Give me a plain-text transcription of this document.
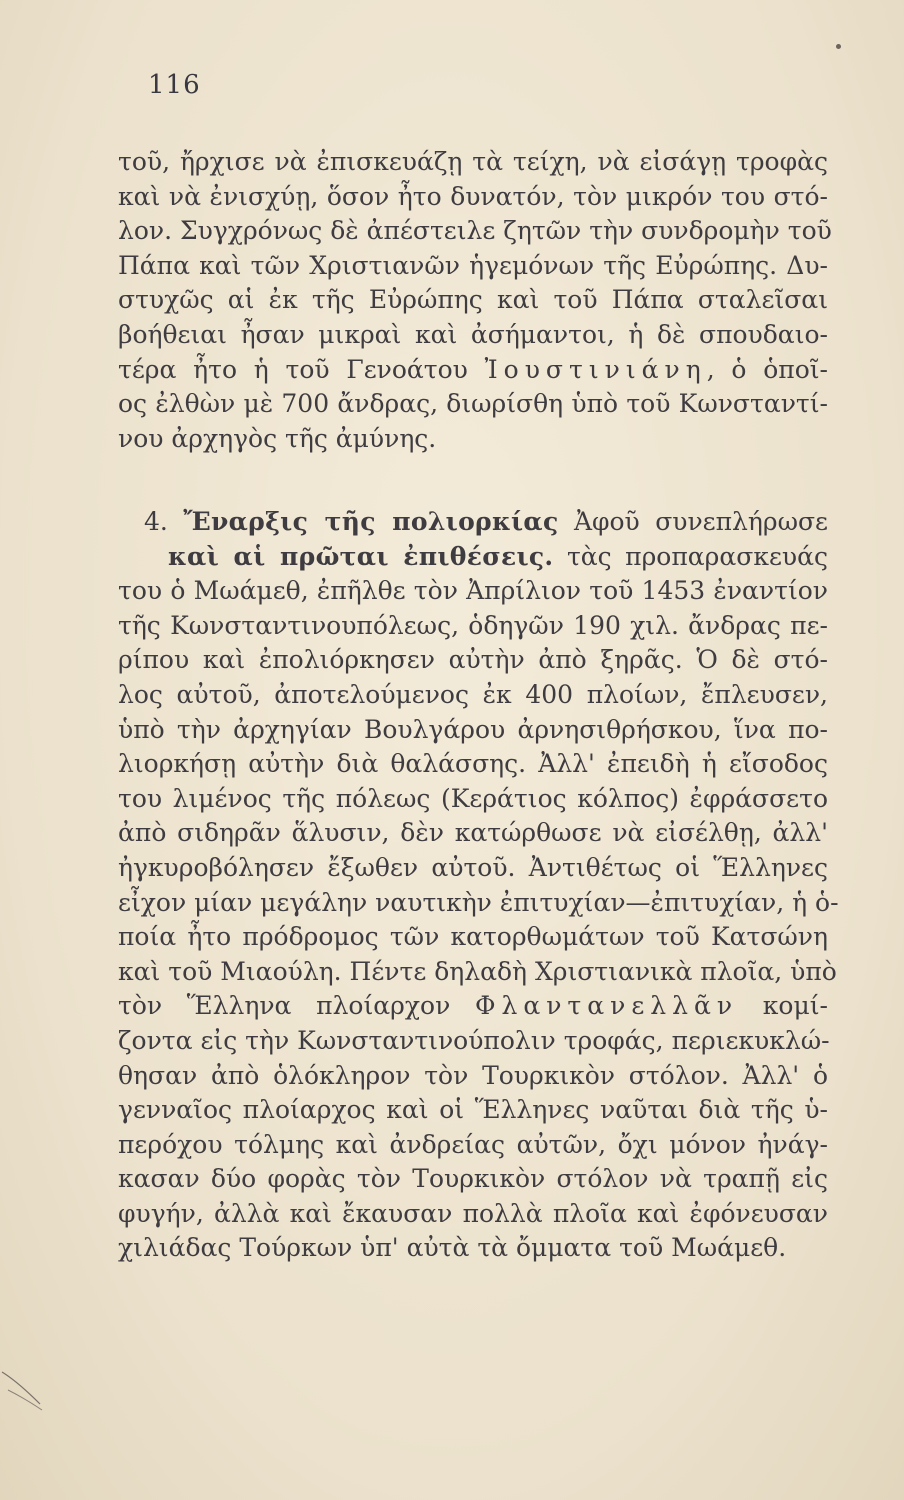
116
τοῦ, ἤρχισε νὰ ἐπισκευάζῃ τὰ τείχη, νὰ εἰσάγῃ τροφὰς
καὶ νὰ ἐνισχύῃ, ὅσον ἦτο δυνατόν, τὸν μικρόν του στό-
λον. Συγχρόνως δὲ ἀπέστειλε ζητῶν τὴν συνδρομὴν τοῦ
Πάπα καὶ τῶν Χριστιανῶν ἡγεμόνων τῆς Εὐρώπης. Δυ-
στυχῶς αἱ ἐκ τῆς Εὐρώπης καὶ τοῦ Πάπα σταλεῖσαι
βοήθειαι ἦσαν μικραὶ καὶ ἀσήμαντοι, ἡ δὲ σπουδαιο-
τέρα ἦτο ἡ τοῦ Γενοάτου Ἰουστινιάνη, ὁ ὁποῖ-
ος ἐλθὼν μὲ 700 ἄνδρας, διωρίσθη ὑπὸ τοῦ Κωνσταντί-
νου ἀρχηγὸς τῆς ἀμύνης.
4. Ἔναρξις τῆς πολιορκίας Ἀφοῦ συνεπλήρωσε
καὶ αἱ πρῶται ἐπιθέσεις. τὰς προπαρασκευάς
του ὁ Μωάμεθ, ἐπῆλθε τὸν Ἀπρίλιον τοῦ 1453 ἐναντίον
τῆς Κωνσταντινουπόλεως, ὁδηγῶν 190 χιλ. ἄνδρας πε-
ρίπου καὶ ἐπολιόρκησεν αὐτὴν ἀπὸ ξηρᾶς. Ὁ δὲ στό-
λος αὐτοῦ, ἀποτελούμενος ἐκ 400 πλοίων, ἔπλευσεν,
ὑπὸ τὴν ἀρχηγίαν Βουλγάρου ἀρνησιθρήσκου, ἵνα πο-
λιορκήσῃ αὐτὴν διὰ θαλάσσης. Ἀλλ' ἐπειδὴ ἡ εἴσοδος
του λιμένος τῆς πόλεως (Κεράτιος κόλπος) ἐφράσσετο
ἀπὸ σιδηρᾶν ἅλυσιν, δὲν κατώρθωσε νὰ εἰσέλθῃ, ἀλλ'
ἠγκυροβόλησεν ἔξωθεν αὐτοῦ. Ἀντιθέτως οἱ Ἕλληνες
εἶχον μίαν μεγάλην ναυτικὴν ἐπιτυχίαν—ἐπιτυχίαν, ἡ ὁ-
ποία ἦτο πρόδρομος τῶν κατορθωμάτων τοῦ Κατσώνη
καὶ τοῦ Μιαούλη. Πέντε δηλαδὴ Χριστιανικὰ πλοῖα, ὑπὸ
τὸν Ἕλληνα πλοίαρχον Φλαντανελλᾶν κομί-
ζοντα εἰς τὴν Κωνσταντινούπολιν τροφάς, περιεκυκλώ-
θησαν ἀπὸ ὁλόκληρον τὸν Τουρκικὸν στόλον. Ἀλλ' ὁ
γενναῖος πλοίαρχος καὶ οἱ Ἕλληνες ναῦται διὰ τῆς ὑ-
περόχου τόλμης καὶ ἀνδρείας αὐτῶν, ὄχι μόνον ἠνάγ-
κασαν δύο φορὰς τὸν Τουρκικὸν στόλον νὰ τραπῇ εἰς
φυγήν, ἀλλὰ καὶ ἔκαυσαν πολλὰ πλοῖα καὶ ἐφόνευσαν
χιλιάδας Τούρκων ὑπ' αὐτὰ τὰ ὄμματα τοῦ Μωάμεθ.
